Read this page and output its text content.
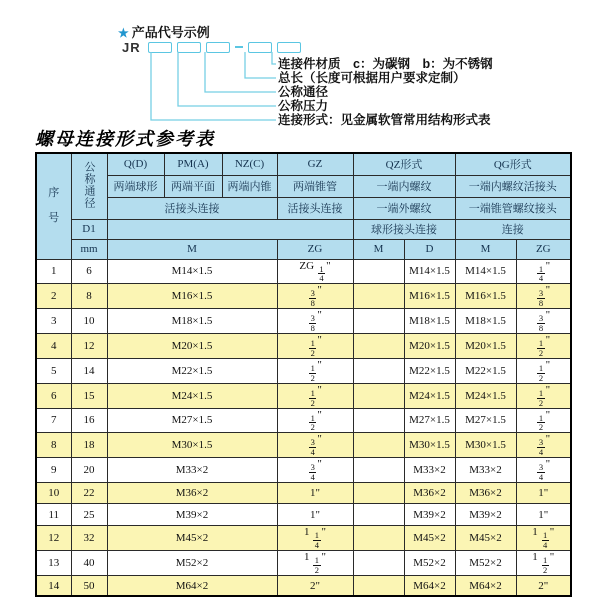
★ 产品代号示例
JR
连接件材质　c：为碳钢　b：为不锈钢
总长（长度可根据用户要求定制）
公称通径
公称压力
连接形式：见金属软管常用结构形式表
螺母连接形式参考表
序
号	公称通径	Q(D)	PM(A)	NZ(C)	GZ	QZ形式		QG形式	
		两端球形	两端平面	两端内锥	两端锥管	一端内螺纹		一端内螺纹活接头	
		活接头连接			活接头连接	一端外螺纹		一端锥管螺纹接头	
	D1					球形接头连接		连接	
	mm	M			ZG	M	D	M	ZG
1	6	M14×1.5			ZG $\frac{1}{4}$ "		M14×1.5	M14×1.5	$\frac{1}{4}$ "
2	8	M16×1.5			$\frac{3}{8}$ "		M16×1.5	M16×1.5	$\frac{3}{8}$ "
3	10	M18×1.5			$\frac{3}{8}$ "		M18×1.5	M18×1.5	$\frac{3}{8}$ "
4	12	M20×1.5			$\frac{1}{2}$ "		M20×1.5	M20×1.5	$\frac{1}{2}$ "
5	14	M22×1.5			$\frac{1}{2}$ "		M22×1.5	M22×1.5	$\frac{1}{2}$ "
6	15	M24×1.5			$\frac{1}{2}$ "		M24×1.5	M24×1.5	$\frac{1}{2}$ "
7	16	M27×1.5			$\frac{1}{2}$ "		M27×1.5	M27×1.5	$\frac{1}{2}$ "
8	18	M30×1.5			$\frac{3}{4}$ "		M30×1.5	M30×1.5	$\frac{3}{4}$ "
9	20	M33×2			$\frac{3}{4}$ "		M33×2	M33×2	$\frac{3}{4}$ "
10	22	M36×2			1"		M36×2	M36×2	1"
11	25	M39×2			1"		M39×2	M39×2	1"
12	32	M45×2			$1 \frac{1}{4}$ "		M45×2	M45×2	$1 \frac{1}{4}$ "
13	40	M52×2			$1 \frac{1}{2}$ "		M52×2	M52×2	$1 \frac{1}{2}$ "
14	50	M64×2			2"		M64×2	M64×2	2"
